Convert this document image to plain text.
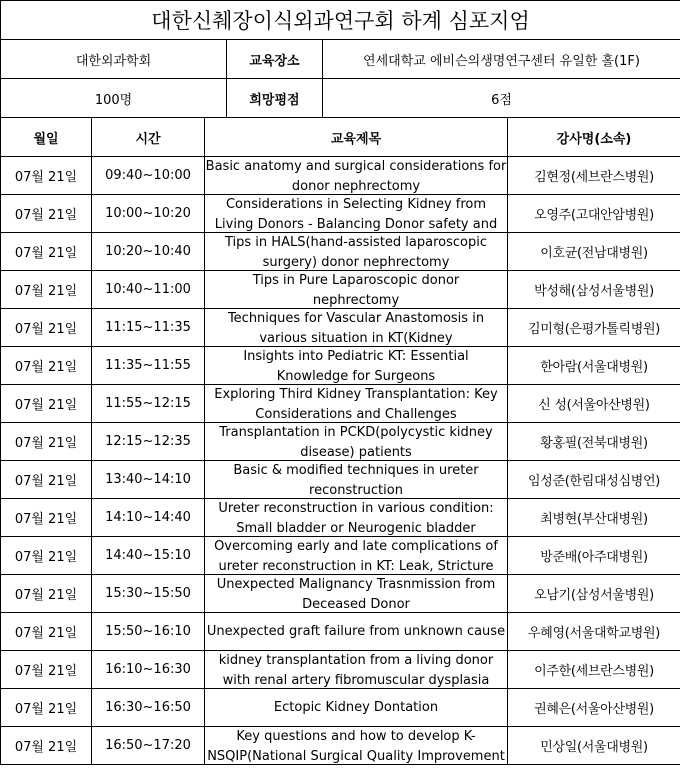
대한신췌장이식외과연구회 하계 심포지엄					
대한외과학회			교육장소	연세대학교 에비슨의생명연구센터 유일한 홀(1F)	
100명			희망평점	6점	
월일	시간	교육제목			강사명(소속)
07월 21일	09:40~10:00	Basic anatomy and surgical considerations for
donor nephrectomy			김현정(세브란스병원)
07월 21일	10:00~10:20	Considerations in Selecting Kidney from
Living Donors - Balancing Donor safety and			오영주(고대안암병원)
07월 21일	10:20~10:40	Tips in HALS(hand-assisted laparoscopic
surgery) donor nephrectomy			이호균(전남대병원)
07월 21일	10:40~11:00	Tips in Pure Laparoscopic donor
nephrectomy			박성해(삼성서울병원)
07월 21일	11:15~11:35	Techniques for Vascular Anastomosis in
various situation in KT(Kidney			김미형(은평가톨릭병원)
07월 21일	11:35~11:55	Insights into Pediatric KT: Essential
Knowledge for Surgeons			한아람(서울대병원)
07월 21일	11:55~12:15	Exploring Third Kidney Transplantation: Key
Considerations and Challenges			신 성(서울아산병원)
07월 21일	12:15~12:35	Transplantation in PCKD(polycystic kidney
disease) patients			황홍필(전북대병원)
07월 21일	13:40~14:10	Basic & modified techniques in ureter
reconstruction			임성준(한림대성심병언)
07월 21일	14:10~14:40	Ureter reconstruction in various condition:
Small bladder or Neurogenic bladder			최병현(부산대병원)
07월 21일	14:40~15:10	Overcoming early and late complications of
ureter reconstruction in KT: Leak, Stricture			방준배(아주대병원)
07월 21일	15:30~15:50	Unexpected Malignancy Trasnmission from
Deceased Donor			오남기(삼성서울병원)
07월 21일	15:50~16:10	Unexpected graft failure from unknown cause			우혜영(서울대학교병원)
07월 21일	16:10~16:30	kidney transplantation from a living donor
with renal artery fibromuscular dysplasia			이주한(세브란스병원)
07월 21일	16:30~16:50	Ectopic Kidney Dontation			권혜은(서울아산병원)
07월 21일	16:50~17:20	Key questions and how to develop K-
NSQIP(National Surgical Quality Improvement			민상일(서울대병원)
